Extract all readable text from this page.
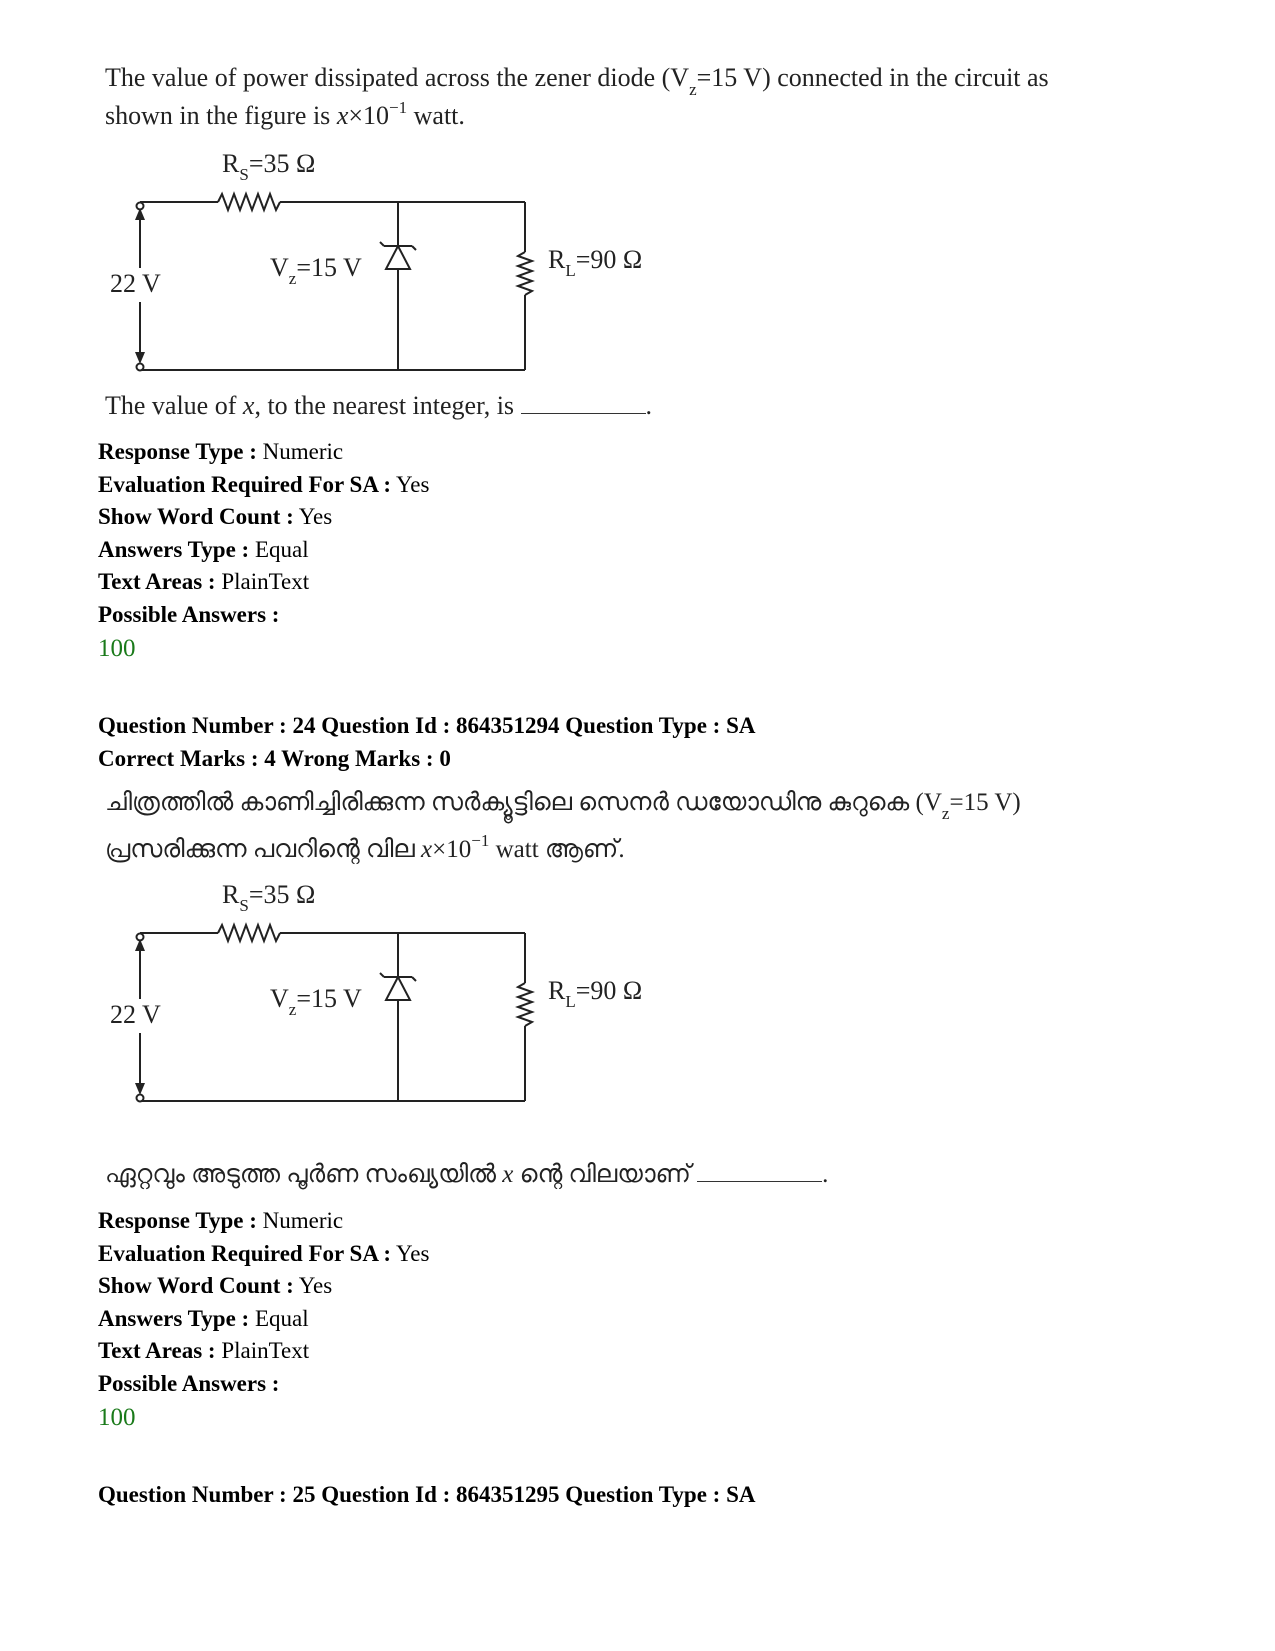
The value of power dissipated across the zener diode ($V_z=15$ V) connected in the circuit as
shown in the figure is $x\times 10^{-1}$ watt.
$R_S=35$ Ω
$V_z=15$ V	$R_L=90$ Ω
22 V
The value of x, to the nearest integer, is	.
Response Type : Numeric
Evaluation Required For SA : Yes
Show Word Count : Yes
Answers Type : Equal
Text Areas : PlainText
Possible Answers :
100
Question Number : 24 Question Id : 864351294 Question Type : SA
Correct Marks : 4 Wrong Marks : 0
ചിത്രത്തിൽ കാണിച്ചിരിക്കുന്ന സർക്യൂട്ടിലെ സെനർ ഡയോഡിനു കുറുകെ ($V_z=15$ V)
പ്രസരിക്കുന്ന പവറിന്റെ വില $x\times 10^{-1}$ watt ആണ്.
$R_S=35$ Ω
$V_z=15$ V	$R_L=90$ Ω
22 V
ഏറ്റവും അടുത്ത പൂർണ സംഖ്യയിൽ x ന്റെ വിലയാണ്	.
Response Type : Numeric
Evaluation Required For SA : Yes
Show Word Count : Yes
Answers Type : Equal
Text Areas : PlainText
Possible Answers :
100
Question Number : 25 Question Id : 864351295 Question Type : SA
